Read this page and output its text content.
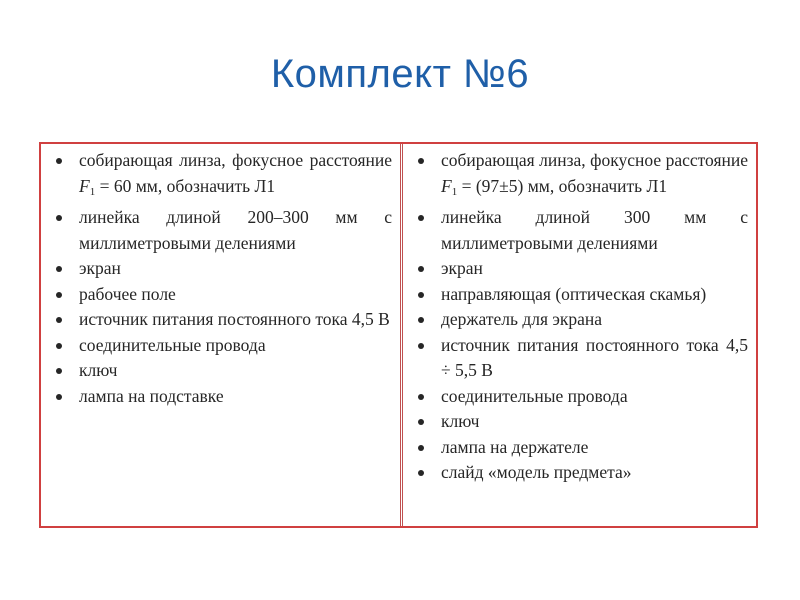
Комплект №6
собирающая линза, фокусное расстояние $F_1 = 60$ мм, обозначить Л1
линейка длиной 200–300 мм с миллиметровыми делениями
экран
рабочее поле
источник питания постоянного тока 4,5 В
соединительные провода
ключ
лампа на подставке
собирающая линза, фокусное расстояние $F_1 = (97\pm 5)$ мм, обозначить Л1
линейка длиной 300 мм с миллиметровыми делениями
экран
направляющая (оптическая скамья)
держатель для экрана
источник питания постоянного тока 4,5 ÷ 5,5 В
соединительные провода
ключ
лампа на держателе
слайд «модель предмета»
